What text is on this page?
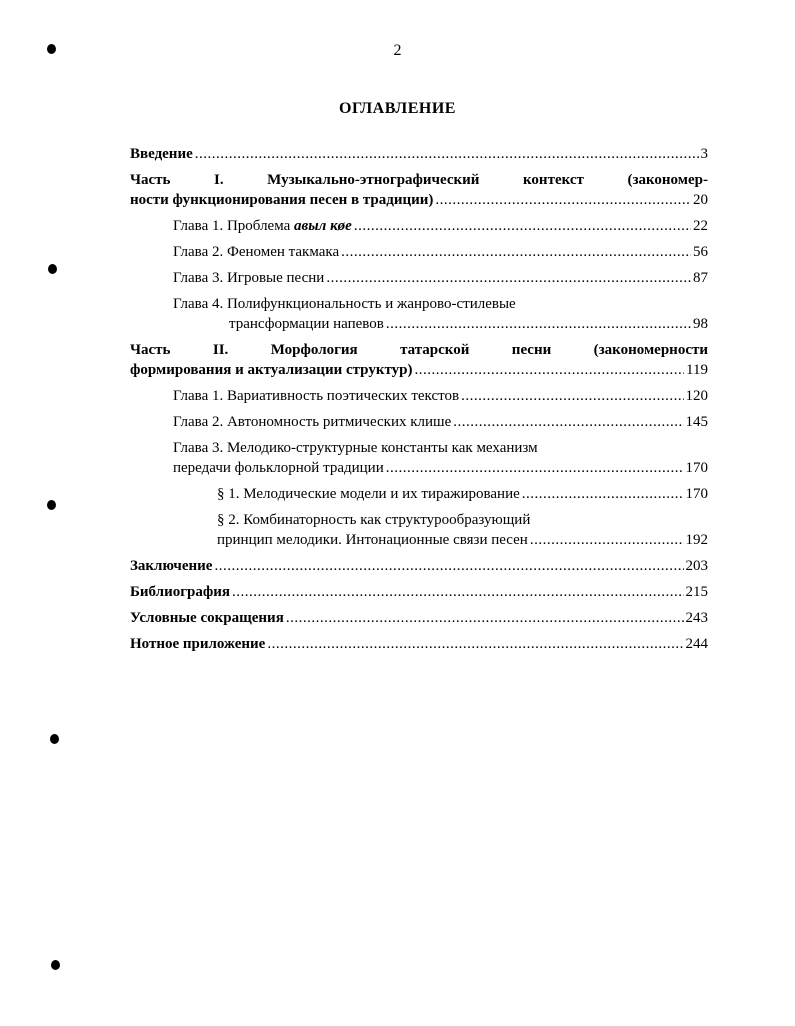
2
ОГЛАВЛЕНИЕ
Введение .....	3
Часть I. Музыкально-этнографический контекст (закономер-
ности функционирования песен в традиции) .....	20
Глава 1. Проблема авыл кøе .....	22
Глава 2. Феномен такмака .....	56
Глава 3. Игровые песни .....	87
Глава 4. Полифункциональность и жанрово-стилевые
трансформации напевов .....	98
Часть II. Морфология татарской песни (закономерности
формирования и актуализации структур) .....	119
Глава 1. Вариативность поэтических текстов .....	120
Глава 2. Автономность ритмических клише .....	145
Глава 3. Мелодико-структурные константы как механизм
передачи фольклорной традиции .....	170
§ 1. Мелодические модели и их тиражирование .....	170
§ 2. Комбинаторность как структурообразующий
принцип мелодики. Интонационные связи песен .....	192
Заключение .....	203
Библиография .....	215
Условные сокращения .....	243
Нотное приложение .....	244
